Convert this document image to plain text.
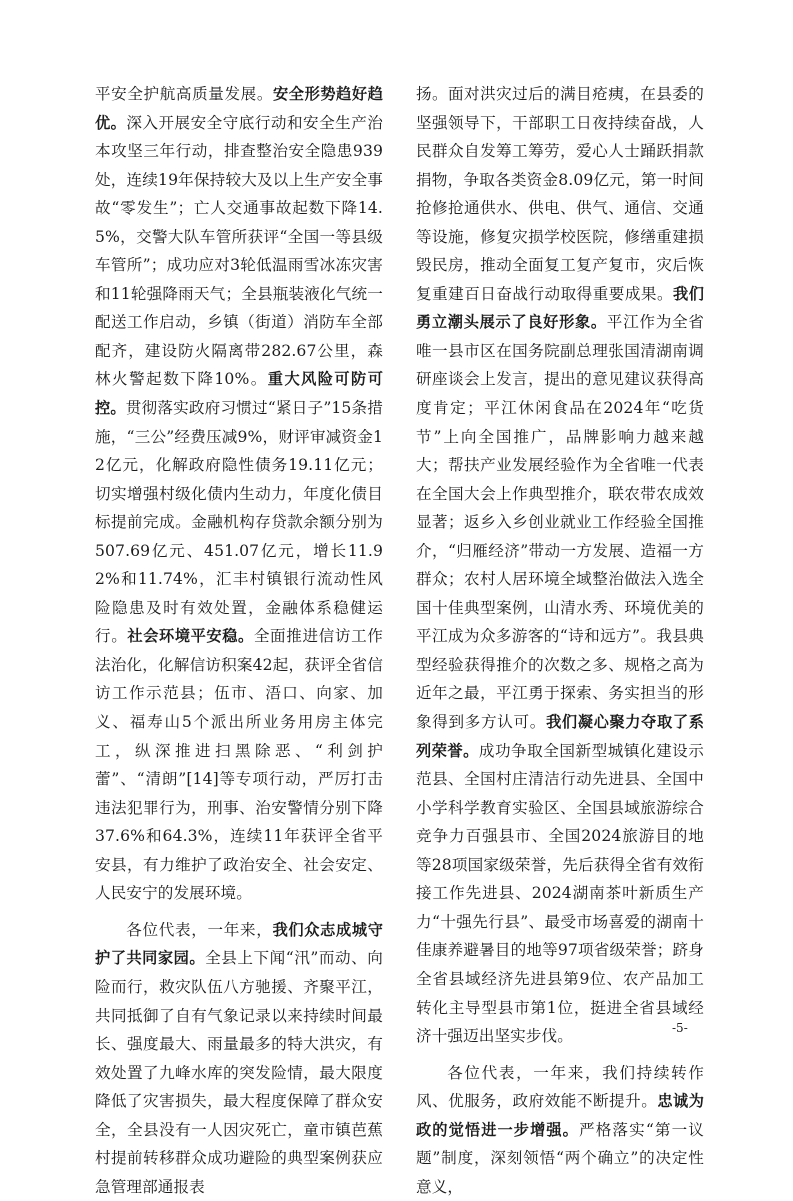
平安全护航高质量发展。安全形势趋好趋优。深入开展安全守底行动和安全生产治本攻坚三年行动，排查整治安全隐患939处，连续19年保持较大及以上生产安全事故“零发生”；亡人交通事故起数下降14.5%，交警大队车管所获评“全国一等县级车管所”；成功应对3轮低温雨雪冰冻灾害和11轮强降雨天气；全县瓶装液化气统一配送工作启动，乡镇（街道）消防车全部配齐，建设防火隔离带282.67公里，森林火警起数下降10%。重大风险可防可控。贯彻落实政府习惯过“紧日子”15条措施，“三公”经费压减9%，财评审减资金12亿元，化解政府隐性债务19.11亿元；切实增强村级化债内生动力，年度化债目标提前完成。金融机构存贷款余额分别为507.69亿元、451.07亿元，增长11.92%和11.74%，汇丰村镇银行流动性风险隐患及时有效处置，金融体系稳健运行。社会环境平安稳。全面推进信访工作法治化，化解信访积案42起，获评全省信访工作示范县；伍市、浯口、向家、加义、福寿山5个派出所业务用房主体完工，纵深推进扫黑除恶、“利剑护蕾”、“清朗”[14]等专项行动，严厉打击违法犯罪行为，刑事、治安警情分别下降37.6%和64.3%，连续11年获评全省平安县，有力维护了政治安全、社会安定、人民安宁的发展环境。

各位代表，一年来，我们众志成城守护了共同家园。全县上下闻“汛”而动、向险而行，救灾队伍八方驰援、齐聚平江，共同抵御了自有气象记录以来持续时间最长、强度最大、雨量最多的特大洪灾，有效处置了九峰水库的突发险情，最大限度降低了灾害损失，最大程度保障了群众安全，全县没有一人因灾死亡，童市镇芭蕉村提前转移群众成功避险的典型案例获应急管理部通报表

扬。面对洪灾过后的满目疮痍，在县委的坚强领导下，干部职工日夜持续奋战，人民群众自发筹工筹劳，爱心人士踊跃捐款捐物，争取各类资金8.09亿元，第一时间抢修抢通供水、供电、供气、通信、交通等设施，修复灾损学校医院，修缮重建损毁民房，推动全面复工复产复市，灾后恢复重建百日奋战行动取得重要成果。我们勇立潮头展示了良好形象。平江作为全省唯一县市区在国务院副总理张国清湖南调研座谈会上发言，提出的意见建议获得高度肯定；平江休闲食品在2024年“吃货节”上向全国推广，品牌影响力越来越大；帮扶产业发展经验作为全省唯一代表在全国大会上作典型推介，联农带农成效显著；返乡入乡创业就业工作经验全国推介，“归雁经济”带动一方发展、造福一方群众；农村人居环境全域整治做法入选全国十佳典型案例，山清水秀、环境优美的平江成为众多游客的“诗和远方”。我县典型经验获得推介的次数之多、规格之高为近年之最，平江勇于探索、务实担当的形象得到多方认可。我们凝心聚力夺取了系列荣誉。成功争取全国新型城镇化建设示范县、全国村庄清洁行动先进县、全国中小学科学教育实验区、全国县域旅游综合竞争力百强县市、全国2024旅游目的地等28项国家级荣誉，先后获得全省有效衔接工作先进县、2024湖南茶叶新质生产力“十强先行县”、最受市场喜爱的湖南十佳康养避暑目的地等97项省级荣誉；跻身全省县域经济先进县第9位、农产品加工转化主导型县市第1位，挺进全省县域经济十强迈出坚实步伐。

各位代表，一年来，我们持续转作风、优服务，政府效能不断提升。忠诚为政的觉悟进一步增强。严格落实“第一议题”制度，深刻领悟“两个确立”的决定性意义，

-5-
